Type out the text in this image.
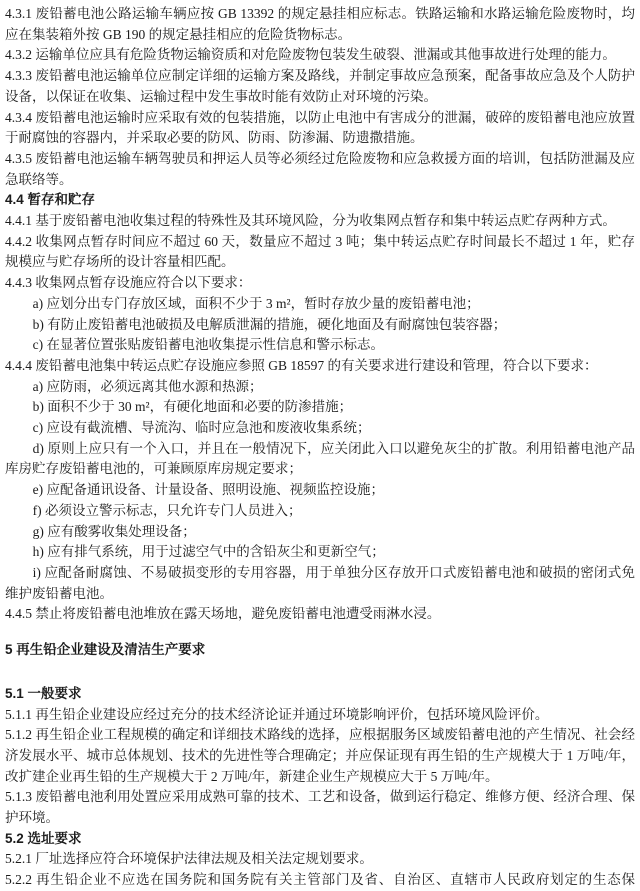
4.3.1 废铅蓄电池公路运输车辆应按 GB 13392 的规定悬挂相应标志。铁路运输和水路运输危险废物时，均应在集装箱外按 GB 190 的规定悬挂相应的危险货物标志。

4.3.2 运输单位应具有危险货物运输资质和对危险废物包装发生破裂、泄漏或其他事故进行处理的能力。

4.3.3 废铅蓄电池运输单位应制定详细的运输方案及路线，并制定事故应急预案，配备事故应急及个人防护设备，以保证在收集、运输过程中发生事故时能有效防止对环境的污染。

4.3.4 废铅蓄电池运输时应采取有效的包装措施，以防止电池中有害成分的泄漏，破碎的废铅蓄电池应放置于耐腐蚀的容器内，并采取必要的防风、防雨、防渗漏、防遗撒措施。

4.3.5 废铅蓄电池运输车辆驾驶员和押运人员等必须经过危险废物和应急救援方面的培训，包括防泄漏及应急联络等。

4.4 暂存和贮存

4.4.1 基于废铅蓄电池收集过程的特殊性及其环境风险，分为收集网点暂存和集中转运点贮存两种方式。

4.4.2 收集网点暂存时间应不超过 60 天，数量应不超过 3 吨；集中转运点贮存时间最长不超过 1 年，贮存规模应与贮存场所的设计容量相匹配。

4.4.3 收集网点暂存设施应符合以下要求：

a) 应划分出专门存放区域，面积不少于 3 m²，暂时存放少量的废铅蓄电池；

b) 有防止废铅蓄电池破损及电解质泄漏的措施，硬化地面及有耐腐蚀包装容器；

c) 在显著位置张贴废铅蓄电池收集提示性信息和警示标志。

4.4.4 废铅蓄电池集中转运点贮存设施应参照 GB 18597 的有关要求进行建设和管理，符合以下要求：

a) 应防雨，必须远离其他水源和热源；

b) 面积不少于 30 m²，有硬化地面和必要的防渗措施；

c) 应设有截流槽、导流沟、临时应急池和废液收集系统；

d) 原则上应只有一个入口，并且在一般情况下，应关闭此入口以避免灰尘的扩散。利用铅蓄电池产品库房贮存废铅蓄电池的，可兼顾原库房规定要求；

e) 应配备通讯设备、计量设备、照明设施、视频监控设施；

f) 必须设立警示标志，只允许专门人员进入；

g) 应有酸雾收集处理设备；

h) 应有排气系统，用于过滤空气中的含铅灰尘和更新空气；

i) 应配备耐腐蚀、不易破损变形的专用容器，用于单独分区存放开口式废铅蓄电池和破损的密闭式免维护废铅蓄电池。

4.4.5 禁止将废铅蓄电池堆放在露天场地，避免废铅蓄电池遭受雨淋水浸。

5 再生铅企业建设及清洁生产要求

5.1 一般要求

5.1.1 再生铅企业建设应经过充分的技术经济论证并通过环境影响评价，包括环境风险评价。

5.1.2 再生铅企业工程规模的确定和详细技术路线的选择，应根据服务区域废铅蓄电池的产生情况、社会经济发展水平、城市总体规划、技术的先进性等合理确定；并应保证现有再生铅的生产规模大于 1 万吨/年，改扩建企业再生铅的生产规模大于 2 万吨/年，新建企业生产规模应大于 5 万吨/年。

5.1.3 废铅蓄电池利用处置应采用成熟可靠的技术、工艺和设备，做到运行稳定、维修方便、经济合理、保护环境。

5.2 选址要求

5.2.1 厂址选择应符合环境保护法律法规及相关法定规划要求。

5.2.2 再生铅企业不应选在国务院和国务院有关主管部门及省、自治区、直辖市人民政府划定的生态保
